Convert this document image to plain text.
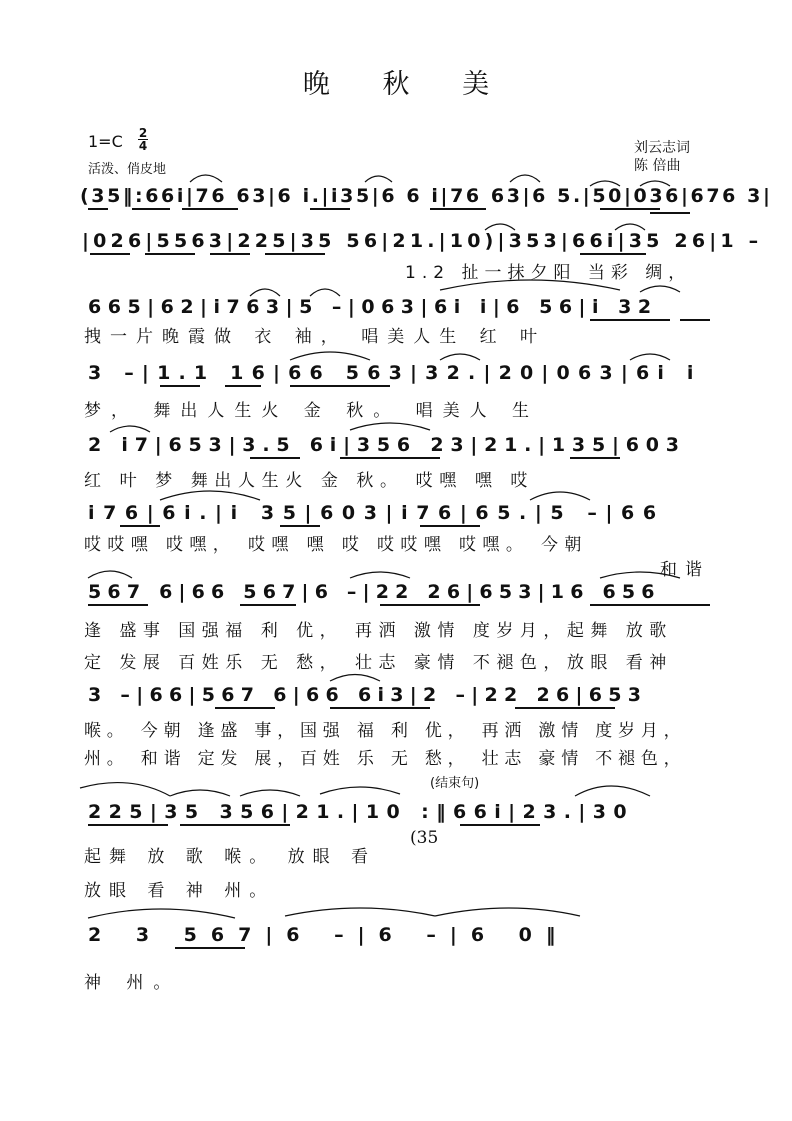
晚 秋 美
1=C 2
4
活泼、俏皮地
刘云志词
陈 倍曲
(35‖:66i|76 63|6 i.|i35|6 6 i|76 63|6 5.|50|036|676 3|
|026|5563|225|35 56|21.|10)|353|66i|35 26|1 –
665|62|i763|5 –|063|6i i|6 56|i 32
3 –|1.1 16|66 563|32.|20|063|6i i
2 i7|653|3.5 6i|356 23|21.|135|603
i76|6i.|i 35|603|i76|65.|5 –|66
567 6|66 567|6 –|22 26|653|16 656
3 –|66|567 6|66 6i3|2 –|22 26|653
225|35 356|21.|10 :‖66i|23.|30
2 3 567|6 –|6 –|6 0‖
1.2 扯一抹夕阳 当彩 绸，
拽一片晚霞做 衣 袖， 唱美人生 红 叶
梦， 舞出人生火 金 秋。 唱美人 生
红 叶 梦 舞出人生火 金 秋。 哎嘿 嘿 哎
哎哎嘿 哎嘿， 哎嘿 嘿 哎 哎哎嘿 哎嘿。 今朝
和谐
逢 盛事 国强福 利 优， 再洒 激情 度岁月，起舞 放歌
定 发展 百姓乐 无 愁， 壮志 豪情 不褪色，放眼 看神
喉。 今朝 逢盛 事，国强 福 利 优， 再洒 激情 度岁月，
州。 和谐 定发 展，百姓 乐 无 愁， 壮志 豪情 不褪色，
(结束句)
起舞 放 歌 喉。 放眼 看
(35
放眼 看 神 州。
神 州。
